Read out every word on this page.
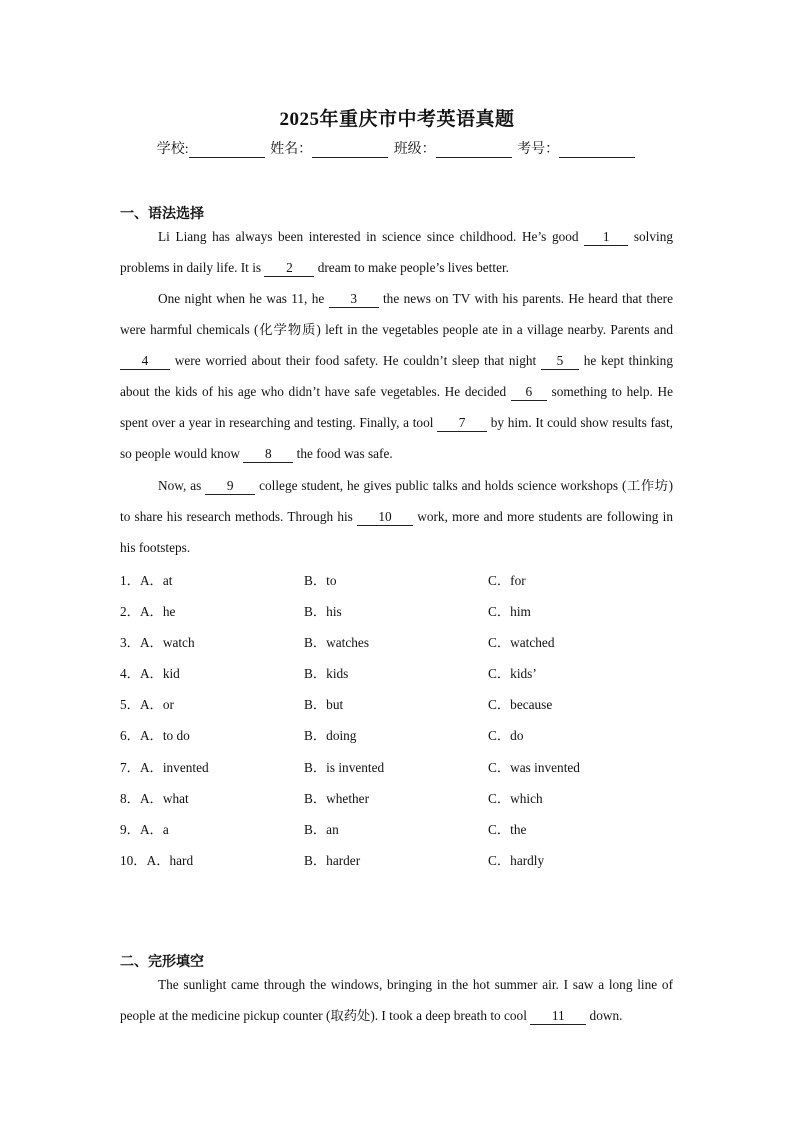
2025年重庆市中考英语真题
学校:	姓名：	班级：	考号：
一、语法选择
Li Liang has always been interested in science since childhood. He’s good 1 solving problems in daily life. It is 2 dream to make people’s lives better.
One night when he was 11, he 3 the news on TV with his parents. He heard that there were harmful chemicals (化学物质) left in the vegetables people ate in a village nearby. Parents and 4 were worried about their food safety. He couldn’t sleep that night 5 he kept thinking about the kids of his age who didn’t have safe vegetables. He decided 6 something to help. He spent over a year in researching and testing. Finally, a tool 7 by him. It could show results fast, so people would know 8 the food was safe.
Now, as 9 college student, he gives public talks and holds science workshops (工作坊) to share his research methods. Through his 10 work, more and more students are following in his footsteps.
1．A．at	B．to	C．for
2．A．he	B．his	C．him
3．A．watch	B．watches	C．watched
4．A．kid	B．kids	C．kids’
5．A．or	B．but	C．because
6．A．to do	B．doing	C．do
7．A．invented	B．is invented	C．was invented
8．A．what	B．whether	C．which
9．A．a	B．an	C．the
10．A．hard	B．harder	C．hardly
二、完形填空
The sunlight came through the windows, bringing in the hot summer air. I saw a long line of people at the medicine pickup counter (取药处). I took a deep breath to cool 11 down.
